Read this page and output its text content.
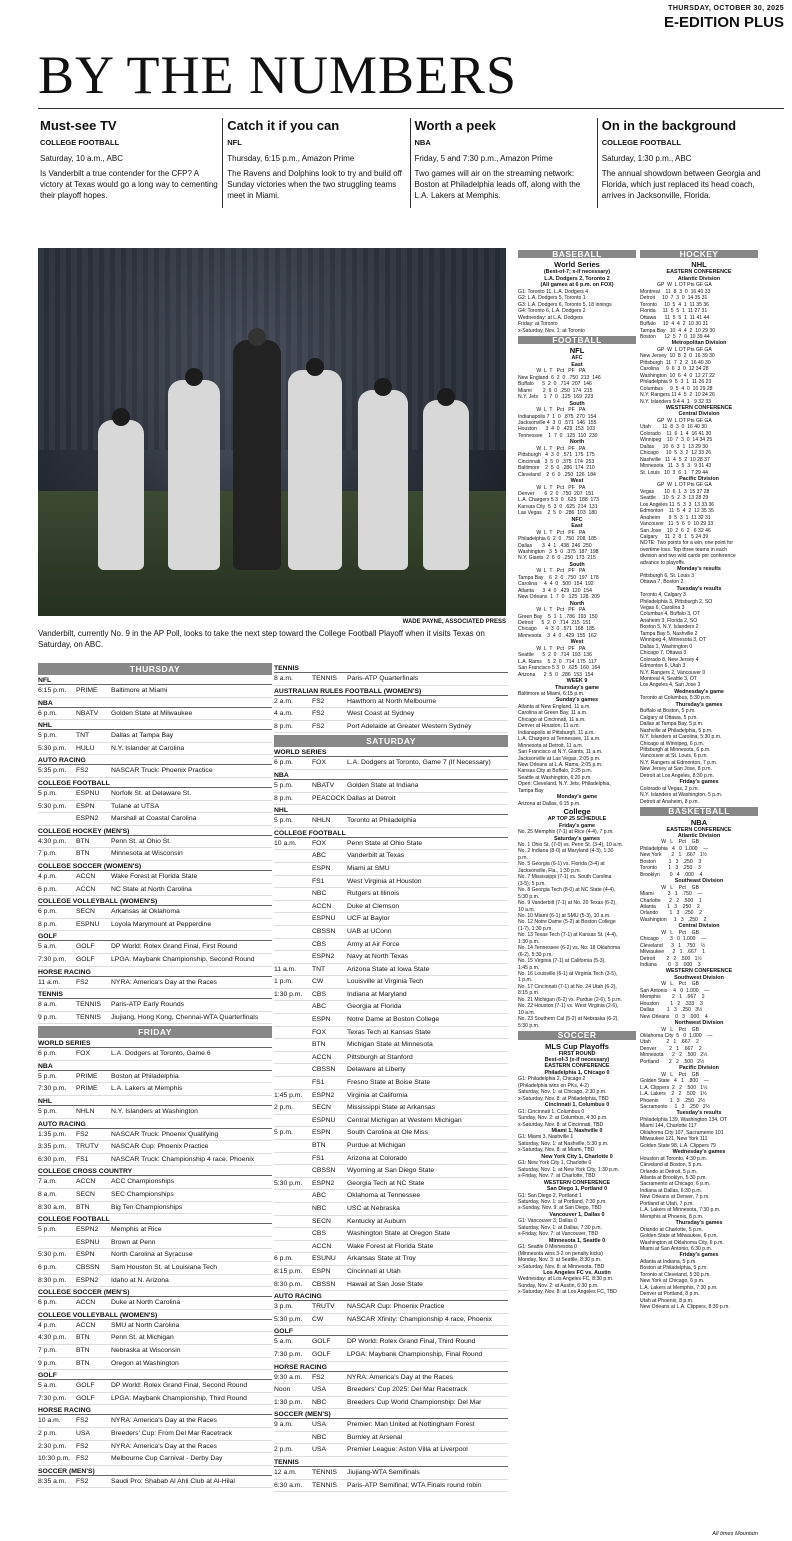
THURSDAY, OCTOBER 30, 2025
E-EDITION PLUS
BY THE NUMBERS
Must-see TV
COLLEGE FOOTBALL
Saturday, 10 a.m., ABC
Is Vanderbilt a true contender for the CFP? A victory at Texas would go a long way to cementing their playoff hopes.
Catch it if you can
NFL
Thursday, 6:15 p.m., Amazon Prime
The Ravens and Dolphins look to try and build off Sunday victories when the two struggling teams meet in Miami.
Worth a peek
NBA
Friday, 5 and 7:30 p.m., Amazon Prime
Two games will air on the streaming network: Boston at Philadelphia leads off, along with the L.A. Lakers at Memphis.
On in the background
COLLEGE FOOTBALL
Saturday, 1:30 p.m., ABC
The annual showdown between Georgia and Florida, which just replaced its head coach, arrives in Jacksonville, Florida.
WADE PAYNE, ASSOCIATED PRESS
Vanderbilt, currently No. 9 in the AP Poll, looks to take the next step toward the College Football Playoff when it visits Texas on Saturday, on ABC.
THURSDAY
NFL
6:15 p.m.	PRIME	Baltimore at Miami
NBA
6 p.m.	NBATV	Golden State at Milwaukee
NHL
5 p.m.	TNT	Dallas at Tampa Bay
5:30 p.m.	HULU	N.Y. Islander at Carolina
AUTO RACING
5:35 p.m.	FS2	NASCAR Truck: Phoenix Practice
COLLEGE FOOTBALL
5 p.m.	ESPNU	Norfolk St. at Delaware St.
5:30 p.m.	ESPN	Tulane at UTSA
ESPN2	Marshall at Coastal Carolina
COLLEGE HOCKEY (MEN'S)
4:30 p.m.	BTN	Penn St. at Ohio St.
7 p.m.	BTN	Minnesota at Wisconsin
COLLEGE SOCCER (WOMEN'S)
4 p.m.	ACCN	Wake Forest at Florida State
6 p.m.	ACCN	NC State at North Carolina
COLLEGE VOLLEYBALL (WOMEN'S)
6 p.m.	SECN	Arkansas at Oklahoma
8 p.m.	ESPNU	Loyola Marymount at Pepperdine
GOLF
5 a.m.	GOLF	DP World: Rolex Grand Final, First Round
7:30 p.m.	GOLF	LPGA: Maybank Championship, Second Round
HORSE RACING
11 a.m.	FS2	NYRA: America's Day at the Races
TENNIS
8 a.m.	TENNIS	Paris-ATP Early Rounds
9 p.m.	TENNIS	Jiujiang, Hong Kong, Chennai-WTA Quarterfinals
FRIDAY
WORLD SERIES
6 p.m.	FOX	L.A. Dodgers at Toronto, Game 6
NBA
5 p.m.	PRIME	Boston at Philadelphia
7:30 p.m.	PRIME	L.A. Lakers at Memphis
NHL
5 p.m.	NHLN	N.Y. Islanders at Washington
AUTO RACING
1:35 p.m.	FS2	NASCAR Truck: Phoenix Qualifying
3:35 p.m.	TRUTV	NASCAR Cup: Phoenix Practice
6:30 p.m.	FS1	NASCAR Truck: Championship 4 race, Phoenix
COLLEGE CROSS COUNTRY
7 a.m.	ACCN	ACC Championships
8 a.m.	SECN	SEC Championships
8:30 a.m.	BTN	Big Ten Championships
COLLEGE FOOTBALL
5 p.m.	ESPN2	Memphis at Rice
ESPNU	Brown at Penn
5:30 p.m.	ESPN	North Carolina at Syracuse
6 p.m.	CBSSN	Sam Houston St. at Louisiana Tech
8:30 p.m.	ESPN2	Idaho at N. Arizona
COLLEGE SOCCER (MEN'S)
6 p.m.	ACCN	Duke at North Carolina
COLLEGE VOLLEYBALL (WOMEN'S)
4 p.m.	ACCN	SMU at North Carolina
4:30 p.m.	BTN	Penn St. at Michigan
7 p.m.	BTN	Nebraska at Wisconsin
9 p.m.	BTN	Oregon at Washington
GOLF
5 a.m.	GOLF	DP World: Rolex Grand Final, Second Round
7:30 p.m.	GOLF	LPGA: Maybank Championship, Third Round
HORSE RACING
10 a.m.	FS2	NYRA: America's Day at the Races
2 p.m.	USA	Breeders' Cup: From Del Mar Racetrack
2:30 p.m.	FS2	NYRA: America's Day at the Races
10:30 p.m. FS2	Melbourne Cup Carnival - Derby Day
SOCCER (MEN'S)
8:35 a.m.	FS2	Saudi Pro: Shabab Al Ahli Club at Al-Hilal
TENNIS
8 a.m.	TENNIS	Paris-ATP Quarterfinals
AUSTRALIAN RULES FOOTBALL (WOMEN'S)
2 a.m.	FS2	Hawthorn at North Melbourne
4 a.m.	FS2	West Coast at Sydney
8 p.m.	FS2	Port Adelaide at Greater Western Sydney
SATURDAY
WORLD SERIES
6 p.m.	FOX	L.A. Dodgers at Toronto, Game 7 (If Necessary)
NBA
5 p.m.	NBATV	Golden State at Indiana
8 p.m.	PEACOCK Dallas at Detroit
NHL
5 p.m.	NHLN	Toronto at Philadelphia
COLLEGE FOOTBALL
10 a.m.	FOX	Penn State at Ohio State
ABC	Vanderbilt at Texas
ESPN	Miami at SMU
FS1	West Virginia at Houston
NBC	Rutgers at Illinois
ACCN	Duke at Clemson
ESPNU	UCF at Baylor
CBSSN	UAB at UConn
CBS	Army at Air Force
ESPN2	Navy at North Texas
11 a.m.	TNT	Arizona State at Iowa State
1 p.m.	CW	Louisville at Virginia Tech
1:30 p.m.	CBS	Indiana at Maryland
ABC	Georgia at Florida
ESPN	Notre Dame at Boston College
FOX	Texas Tech at Kansas State
BTN	Michigan State at Minnesota
ACCN	Pittsburgh at Stanford
CBSSN	Delaware at Liberty
FS1	Fresno State at Boise State
1:45 p.m.	ESPN2	Virginia at California
2 p.m.	SECN	Mississippi State at Arkansas
ESPNU	Central Michigan at Western Michigan
5 p.m.	ESPN	South Carolina at Ole Miss
BTN	Purdue at Michigan
FS1	Arizona at Colorado
CBSSN	Wyoming at San Diego State
5:30 p.m.	ESPN2	Georgia Tech at NC State
ABC	Oklahoma at Tennessee
NBC	USC at Nebraska
SECN	Kentucky at Auburn
CBS	Washington State at Oregon State
ACCN	Wake Forest at Florida State
6 p.m.	ESUNU	Arkansas State at Troy
8:15 p.m.	ESPN	Cincinnati at Utah
8:30 p.m.	CBSSN	Hawaii at San Jose State
AUTO RACING
3 p.m.	TRUTV	NASCAR Cup: Phoenix Practice
5:30 p.m.	CW	NASCAR Xfinity: Championship 4 race, Phoenix
GOLF
5 a.m.	GOLF	DP World: Rolex Grand Final, Third Round
7:30 p.m.	GOLF	LPGA: Maybank Championship, Final Round
HORSE RACING
9:30 a.m.	FS2	NYRA: America's Day at the Races
Noon	USA	Breeders' Cup 2025: Del Mar Racetrack
1:30 p.m.	NBC	Breeders Cup World Championship: Del Mar
SOCCER (MEN'S)
9 a.m.	USA	Premier: Man United at Nottingham Forest
NBC	Burnley at Arsenal
2 p.m.	USA	Premier League: Aston Villa at Liverpool
TENNIS
12 a.m.	TENNIS	Jiujiang-WTA Semifinals
6:30 a.m.	TENNIS	Paris-ATP Semifinal; WTA Finals round robin
BASEBALL
World Series
(Best-of-7; x-if necessary)
L.A. Dodgers 2, Toronto 2
(All games at 6 p.m. on FOX)
G1: Toronto 11, L.A. Dodgers 4
G2: L.A. Dodgers 5, Toronto 1
G3: L.A. Dodgers 6, Toronto 5, 18 innings
G4: Toronto 6, L.A. Dodgers 2
Wednesday: at L.A. Dodgers
Friday: at Toronto
x-Saturday, Nov. 1: at Toronto
FOOTBALL
NFL
AFC
East
W  L  T   Pct   PF   PA
New England  6  2  0  .750  213  146
Buffalo      5  2  0  .714  207  146
Miami        2  6  0  .250  174  215
N.Y. Jets    1  7  0  .125  169  223
South
W  L  T   Pct   PF   PA
Indianapolis 7  1  0  .875  270  154
Jacksonville 4  3  0  .571  146  155
Houston      3  4  0  .429  153  103
Tennessee    1  7  0  .125  110  230
North
W  L  T   Pct   PF   PA
Pittsburgh   4  3  0  .571  175  175
Cincinnati   3  5  0  .375  174  253
Baltimore    2  5  0  .286  174  210
Cleveland    2  6  0  .250  126  184
West
W  L  T   Pct   PF   PA
Denver       6  2  0  .750  207  151
L.A. Chargers 5 3  0  .625  188  173
Kansas City  5  3  0  .625  214  131
Las Vegas    2  5  0  .286  103  180
NFC
East
W  L  T   Pct   PF   PA
Philadelphia 6  2  0  .750  208  185
Dallas       3  4  1  .438  246  250
Washington   3  5  0  .375  187  198
N.Y. Giants  2  6  0  .250  173  215
South
W  L  T   Pct   PF   PA
Tampa Bay    6  2  0  .750  197  178
Carolina     4  4  0  .500  154  192
Atlanta      3  4  0  .429  120  154
New Orleans  1  7  0  .125  128  209
North
W  L  T   Pct   PF   PA
Green Bay    5  1  1  .786  193  150
Detroit      5  2  0  .714  215  151
Chicago      4  3  0  .571  168  185
Minnesota    3  4  0  .429  155  162
West
W  L  T   Pct   PF   PA
Seattle      5  2  0  .714  193  136
L.A. Rams    5  2  0  .714  175  117
San Francisco 5 3  0  .625  160  164
Arizona      2  5  0  .286  153  154
WEEK 9
Thursday's game
Baltimore at Miami, 6:15 p.m.
Sunday's games
Atlanta at New England, 11 a.m.
Carolina at Green Bay, 11 a.m.
Chicago at Cincinnati, 11 a.m.
Denver at Houston, 11 a.m.
Indianapolis at Pittsburgh, 11 a.m.
L.A. Chargers at Tennessee, 11 a.m.
Minnesota at Detroit, 11 a.m.
San Francisco at N.Y. Giants, 11 a.m.
Jacksonville at Las Vegas, 2:05 p.m.
New Orleans at L.A. Rams, 2:05 p.m.
Kansas City at Buffalo, 2:25 p.m.
Seattle at Washington, 6:20 p.m.
Open: Cleveland, N.Y. Jets, Philadelphia,
Tampa Bay
Monday's game
Arizona at Dallas, 6:15 p.m.
College
AP TOP 25 SCHEDULE
Friday's game
No. 25 Memphis (7-1) at Rice (4-4), 7 p.m.
Saturday's games
No. 1 Ohio St. (7-0) vs. Penn St. (3-4), 10 a.m.
No. 2 Indiana (8-0) at Maryland (4-3), 1:30
p.m.
No. 5 Georgia (6-1) vs. Florida (3-4) at
Jacksonville, Fla., 1:30 p.m.
No. 7 Mississippi (7-1) vs. South Carolina
(3-5), 5 p.m.
No. 8 Georgia Tech (8-0) at NC State (4-4),
5:30 p.m.
No. 9 Vanderbilt (7-1) at No. 20 Texas (6-2),
10 a.m.
No. 10 Miami (6-1) at SMU (5-3), 10 a.m.
No. 12 Notre Dame (5-2) at Boston College
(1-7), 1:30 p.m.
No. 13 Texas Tech (7-1) at Kansas St. (4-4),
1:30 p.m.
No. 14 Tennessee (6-2) vs. No. 18 Oklahoma
(6-2), 5:30 p.m.
No. 15 Virginia (7-1) at California (5-3),
1:45 p.m.
No. 16 Louisville (6-1) at Virginia Tech (3-5),
1 p.m.
No. 17 Cincinnati (7-1) at No. 24 Utah (6-2),
8:15 p.m.
No. 21 Michigan (6-2) vs. Purdue (2-6), 5 p.m.
No. 22 Houston (7-1) vs. West Virginia (2-6),
10 a.m.
No. 23 Southern Cal (5-2) at Nebraska (6-2),
5:30 p.m.
SOCCER
MLS Cup Playoffs
FIRST ROUND
Best-of-3 (x-if necessary)
EASTERN CONFERENCE
Philadelphia 1, Chicago 0
G1: Philadelphia 2, Chicago 2
(Philadelphia wins on PKs, 4-2)
Saturday, Nov. 1: at Chicago, 2:30 p.m.
x-Saturday, Nov. 8: at Philadelphia, TBD
Cincinnati 1, Columbus 0
G1: Cincinnati 1, Columbus 0
Sunday, Nov. 2: at Columbus, 4:30 p.m.
x-Saturday, Nov. 8: at Cincinnati, TBD
Miami 1, Nashville 0
G1: Miami 3, Nashville 1
Saturday, Nov. 1: at Nashville, 5:30 p.m.
x-Saturday, Nov. 8: at Miami, TBD
New York City 1, Charlotte 0
G1: New York City 1, Charlotte 0
Saturday, Nov. 1: at New York City, 1:30 p.m.
x-Friday, Nov. 7: at Charlotte, TBD
WESTERN CONFERENCE
San Diego 1, Portland 0
G1: San Diego 2, Portland 1
Saturday, Nov. 1: at Portland, 7:30 p.m.
x-Sunday, Nov. 9: at San Diego, TBD
Vancouver 1, Dallas 0
G1: Vancouver 3, Dallas 0
Saturday, Nov. 1: at Dallas, 7:30 p.m.
x-Friday, Nov. 7: at Vancouver, TBD
Minnesota 1, Seattle 0
G1: Seattle 0 Minnesota 0
(Minnesota wins 3-2 on penalty kicks)
Monday, Nov. 3: at Seattle, 8:30 p.m.
x-Saturday, Nov. 8: at Minnesota, TBD
Los Angeles FC vs. Austin
Wednesday: at Los Angeles FC, 8:30 p.m.
Sunday, Nov. 2: at Austin, 6:30 p.m.
x-Saturday, Nov. 8: at Los Angeles FC, TBD
HOCKEY
NHL
EASTERN CONFERENCE
Atlantic Division
GP  W  L OT Pts GF GA
Montreal    11  8  3  0  16 40 33
Detroit     10  7  3  0  14 35 31
Toronto     10  5  4  1  11 35 36
Florida     11  5  5  1  11 27 31
Ottawa      11  5  5  1  11 41 44
Buffalo     10  4  4  2  10 30 31
Tampa Bay   10  4  4  2  10 29 30
Boston      12  5  7  0  10 39 44
Metropolitan Division
GP  W  L OT Pts GF GA
New Jersey  10  8  2  0  16 39 30
Pittsburgh  11  7  2  2  16 40 30
Carolina     9  6  3  0  12 34 28
Washington  10  6  4  0  12 27 22
Philadelphia 9  5  3  1  11 26 23
Columbus     9  5  4  0  10 29 28
N.Y. Rangers 11 4  5  2  10 24 26
N.Y. Islanders 9 4 4  1   9 32 33
WESTERN CONFERENCE
Central Division
GP  W  L OT Pts GF GA
Utah        11  8  3  0  16 40 30
Colorado    11  6  1  4  16 41 30
Winnipeg    10  7  3  0  14 34 25
Dallas      10  6  3  1  13 29 30
Chicago     10  5  3  2  12 33 26
Nashville   11  4  5  2  10 28 37
Minnesota   11  3  5  3   9 31 43
St. Louis   10  3  6  1   7 29 44
Pacific Division
GP  W  L OT Pts GF GA
Vegas       10  6  1  3  15 37 28
Seattle     10  5  2  3  13 28 29
Los Angeles 11  5  3  3  13 33 36
Edmonton    11  5  4  2  12 35 35
Anaheim      9  5  3  1  11 32 31
Vancouver   11  5  6  0  10 29 33
San Jose    10  2  6  2   6 32 46
Calgary     11  2  8  1   5 24 39
NOTE: Two points for a win, one point for
overtime loss. Top three teams in each
division and two wild cards per conference
advance to playoffs.
Monday's results
Pittsburgh 6, St. Louis 3
Ottawa 7, Boston 2
Tuesday's results
Toronto 4, Calgary 3
Philadelphia 3, Pittsburgh 2, SO
Vegas 6, Carolina 3
Columbus 4, Buffalo 3, OT
Anaheim 3, Florida 2, SO
Boston 5, N.Y. Islanders 2
Tampa Bay 5, Nashville 2
Winnipeg 4, Minnesota 3, OT
Dallas 1, Washington 0
Chicago 7, Ottawa 3
Colorado 8, New Jersey 4
Edmonton 6, Utah 3
N.Y. Rangers 2, Vancouver 0
Montreal 4, Seattle 3, OT
Los Angeles 4, San Jose 3
Wednesday's game
Toronto at Columbus, 5:30 p.m.
Thursday's games
Buffalo at Boston, 5 p.m.
Calgary at Ottawa, 5 p.m.
Dallas at Tampa Bay, 5 p.m.
Nashville at Philadelphia, 5 p.m.
N.Y. Islanders at Carolina, 5:30 p.m.
Chicago at Winnipeg, 6 p.m.
Pittsburgh at Minnesota, 6 p.m.
Vancouver at St. Louis, 6 p.m.
N.Y. Rangers at Edmonton, 7 p.m.
New Jersey at San Jose, 8 p.m.
Detroit at Los Angeles, 8:30 p.m.
Friday's games
Colorado at Vegas, 2 p.m.
N.Y. Islanders at Washington, 5 p.m.
Detroit at Anaheim, 8 p.m.
BASKETBALL
NBA
EASTERN CONFERENCE
Atlantic Division
W   L    Pct    GB
Philadelphia   4   0  1.000    —
New York       2   1   .667   1½
Boston         1   3   .250    3
Toronto        1   3   .250    3
Brooklyn       0   4   .000    4
Southeast Division
W   L    Pct    GB
Miami          3   1   .750    —
Charlotte      2   2   .500    1
Atlanta        1   3   .250    2
Orlando        1   3   .250    2
Washington     1   3   .250    2
Central Division
W   L    Pct    GB
Chicago        3   0  1.000    —
Cleveland      3   1   .750    ½
Milwaukee      2   1   .667    1
Detroit        2   2   .500   1½
Indiana        0   3   .000    3
WESTERN CONFERENCE
Southwest Division
W   L    Pct    GB
San Antonio    4   0  1.000    —
Memphis        2   1   .667    2
Houston        1   2   .333    3
Dallas         1   3   .250   3½
New Orleans    0   3   .000    4
Northwest Division
W   L    Pct    GB
Oklahoma City  5   0  1.000    —
Utah           2   1   .667    2
Denver         2   1   .667    2
Minnesota      2   2   .500   2½
Portland       2   2   .500   2½
Pacific Division
W   L    Pct    GB
Golden State   4   1   .800    —
L.A. Clippers  2   2   .500   1½
L.A. Lakers    2   2   .500   1½
Phoenix        1   3   .250   2½
Sacramento     1   3   .250   2½
Tuesday's results
Philadelphia 139, Washington 134, OT
Miami 144, Charlotte 117
Oklahoma City 107, Sacramento 101
Milwaukee 121, New York 111
Golden State 98, L.A. Clippers 79
Wednesday's games
Houston at Toronto, 4:30 p.m.
Cleveland at Boston, 5 p.m.
Orlando at Detroit, 5 p.m.
Atlanta at Brooklyn, 5:30 p.m.
Sacramento at Chicago, 6 p.m.
Indiana at Dallas, 6:30 p.m.
New Orleans at Denver, 7 p.m.
Portland at Utah, 7 p.m.
L.A. Lakers at Minnesota, 7:30 p.m.
Memphis at Phoenix, 8 p.m.
Thursday's games
Orlando at Charlotte, 5 p.m.
Golden State at Milwaukee, 6 p.m.
Washington at Oklahoma City, 6 p.m.
Miami at San Antonio, 6:30 p.m.
Friday's games
Atlanta at Indiana, 5 p.m.
Boston at Philadelphia, 5 p.m.
Toronto at Cleveland, 5:30 p.m.
New York at Chicago, 6 p.m.
L.A. Lakers at Memphis, 7:30 p.m.
Denver at Portland, 8 p.m.
Utah at Phoenix, 8 p.m.
New Orleans at L.A. Clippers, 8:30 p.m.
All times Mountain
